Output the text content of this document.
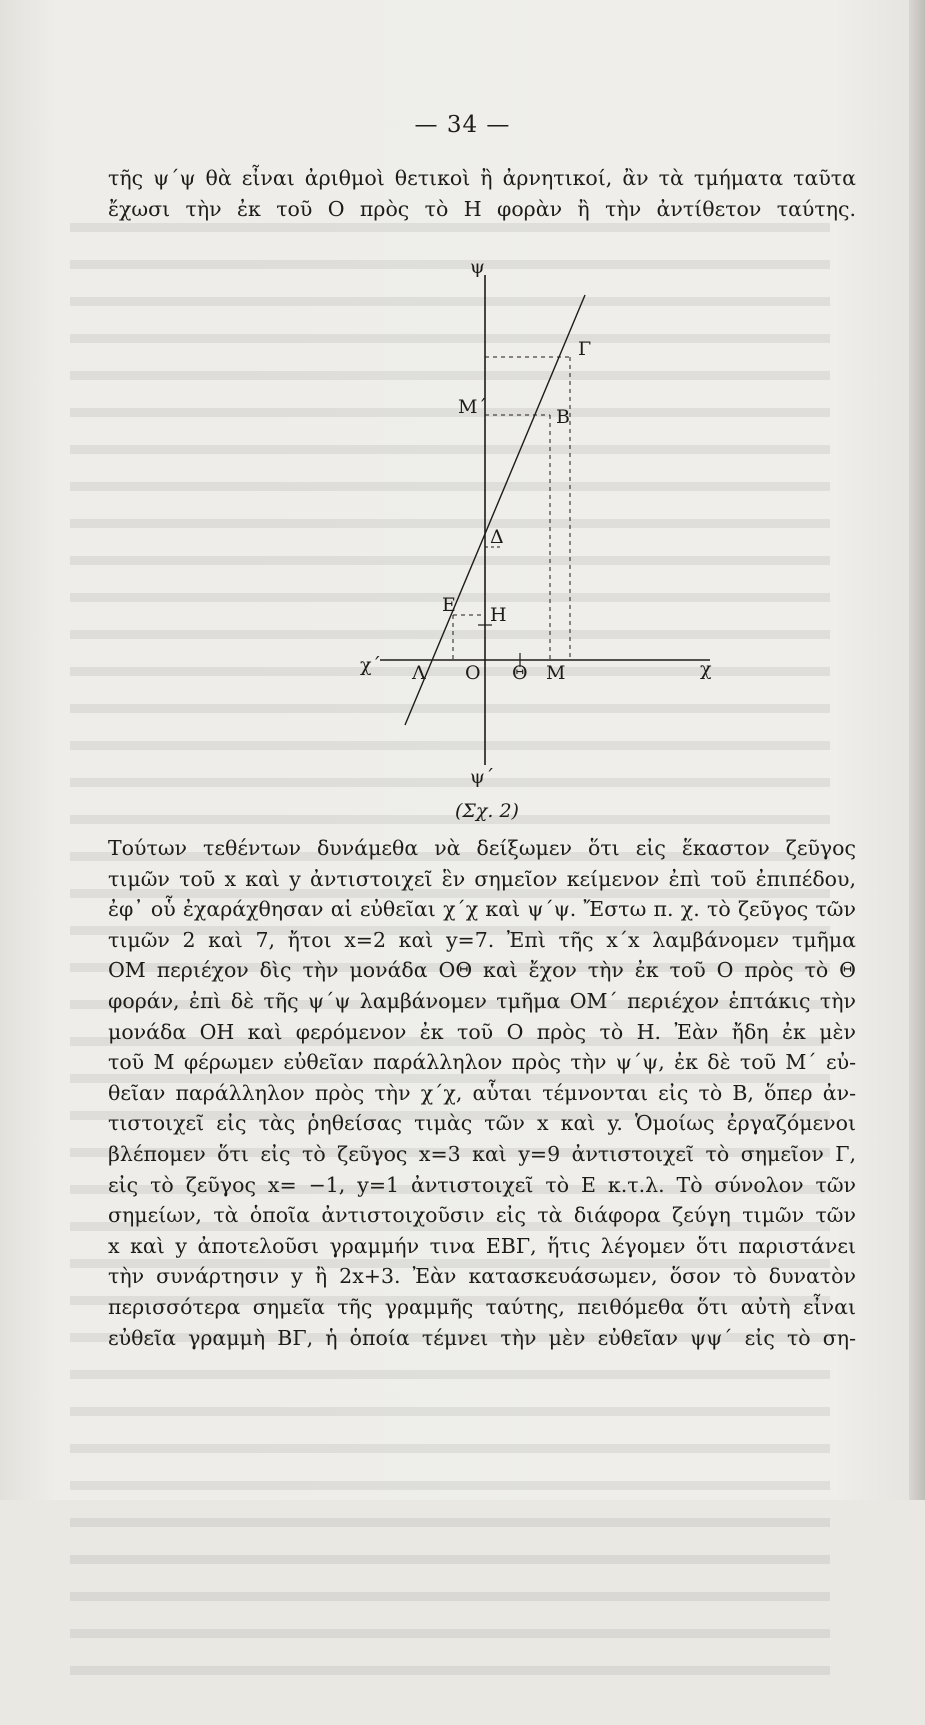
— 34 —
τῆς ψ΄ψ θὰ εἶναι ἀριθμοὶ θετικοὶ ἢ ἀρνητικοί, ἂν τὰ τμήματα ταῦτα
ἔχωσι τὴν ἐκ τοῦ Ο πρὸς τὸ Η φορὰν ἢ τὴν ἀντίθετον ταύτης.
ψ
Γ
Μ΄	Β
Δ
Ε Η
χ΄ Λ Ο Θ Μ	χ
ψ΄
(Σχ. 2)
Τούτων τεθέντων δυνάμεθα νὰ δείξωμεν ὅτι εἰς ἕκαστον ζεῦγος
τιμῶν τοῦ x καὶ y ἀντιστοιχεῖ ἓν σημεῖον κείμενον ἐπὶ τοῦ ἐπιπέδου,
ἐφ᾽ οὗ ἐχαράχθησαν αἱ εὐθεῖαι χ΄χ καὶ ψ΄ψ. Ἔστω π. χ. τὸ ζεῦγος τῶν
τιμῶν 2 καὶ 7, ἤτοι x=2 καὶ y=7. Ἐπὶ τῆς x΄x λαμβάνομεν τμῆμα
ΟΜ περιέχον δὶς τὴν μονάδα ΟΘ καὶ ἔχον τὴν ἐκ τοῦ Ο πρὸς τὸ Θ
φοράν, ἐπὶ δὲ τῆς ψ΄ψ λαμβάνομεν τμῆμα ΟΜ΄ περιέχον ἑπτάκις τὴν
μονάδα ΟΗ καὶ φερόμενον ἐκ τοῦ Ο πρὸς τὸ Η. Ἐὰν ἤδη ἐκ μὲν
τοῦ Μ φέρωμεν εὐθεῖαν παράλληλον πρὸς τὴν ψ΄ψ, ἐκ δὲ τοῦ Μ΄ εὐ-
θεῖαν παράλληλον πρὸς τὴν χ΄χ, αὗται τέμνονται εἰς τὸ Β, ὅπερ ἀν-
τιστοιχεῖ εἰς τὰς ῥηθείσας τιμὰς τῶν x καὶ y. Ὁμοίως ἐργαζόμενοι
βλέπομεν ὅτι εἰς τὸ ζεῦγος x=3 καὶ y=9 ἀντιστοιχεῖ τὸ σημεῖον Γ,
εἰς τὸ ζεῦγος x= −1, y=1 ἀντιστοιχεῖ τὸ Ε κ.τ.λ. Τὸ σύνολον τῶν
σημείων, τὰ ὁποῖα ἀντιστοιχοῦσιν εἰς τὰ διάφορα ζεύγη τιμῶν τῶν
x καὶ y ἀποτελοῦσι γραμμήν τινα ΕΒΓ, ἥτις λέγομεν ὅτι παριστάνει
τὴν συνάρτησιν y ἢ 2x+3. Ἐὰν κατασκευάσωμεν, ὅσον τὸ δυνατὸν
περισσότερα σημεῖα τῆς γραμμῆς ταύτης, πειθόμεθα ὅτι αὐτὴ εἶναι
εὐθεῖα γραμμὴ ΒΓ, ἡ ὁποία τέμνει τὴν μὲν εὐθεῖαν ψψ΄ εἰς τὸ ση-
